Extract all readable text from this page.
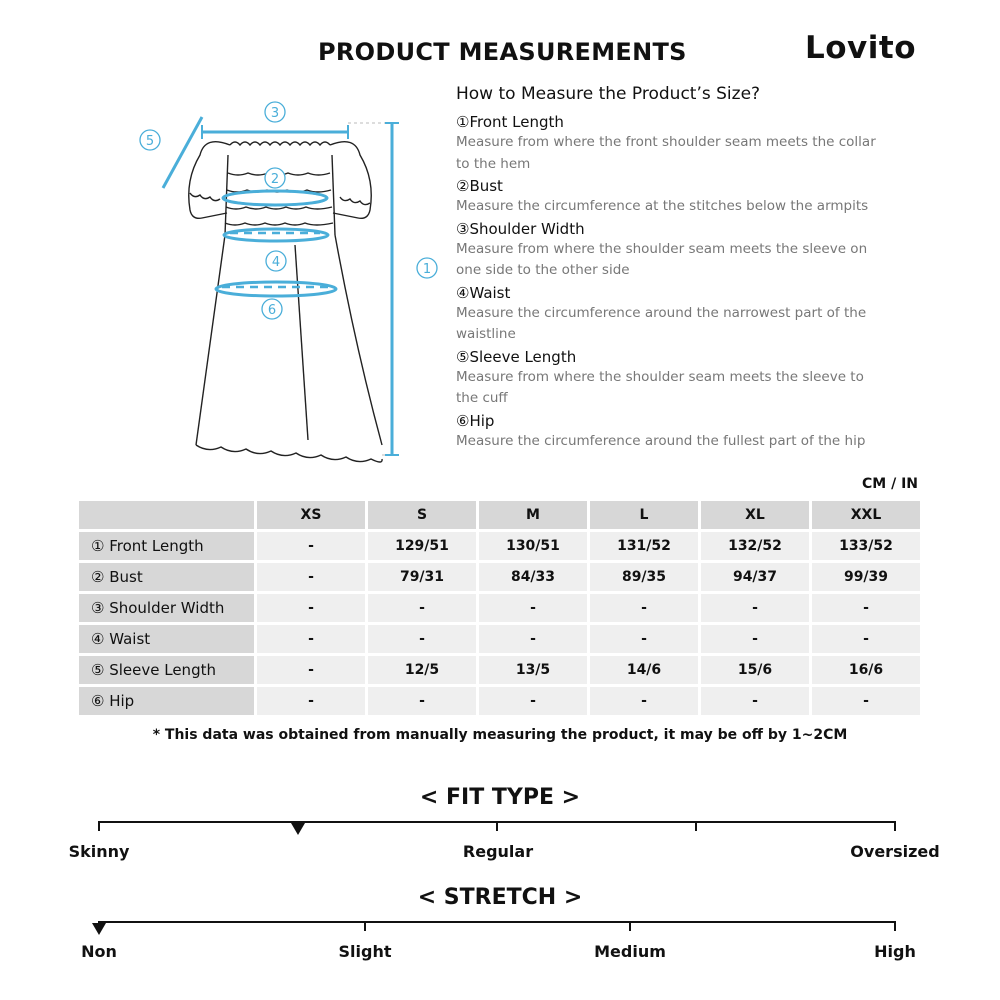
PRODUCT MEASUREMENTS	Lovito
3
2
4
6
5
1
How to Measure the Product’s Size?
①Front Length
Measure from where the front shoulder seam meets the collar to the hem
②Bust
Measure the circumference at the stitches below the armpits
③Shoulder Width
Measure from where the shoulder seam meets the sleeve on one side to the other side
④Waist
Measure the circumference around the narrowest part of the waistline
⑤Sleeve Length
Measure from where the shoulder seam meets the sleeve to the cuff
⑥Hip
Measure the circumference around the fullest part of the hip
CM / IN
	XS	S	M	L	XL	XXL
① Front Length	-	129/51	130/51	131/52	132/52	133/52
② Bust	-	79/31	84/33	89/35	94/37	99/39
③ Shoulder Width	-	-	-	-	-	-
④ Waist	-	-	-	-	-	-
⑤ Sleeve Length	-	12/5	13/5	14/6	15/6	16/6
⑥ Hip	-	-	-	-	-	-
* This data was obtained from manually measuring the product, it may be off by 1~2CM
< FIT TYPE >
Skinny	Regular	Oversized
< STRETCH >
Non	Slight	Medium	High
